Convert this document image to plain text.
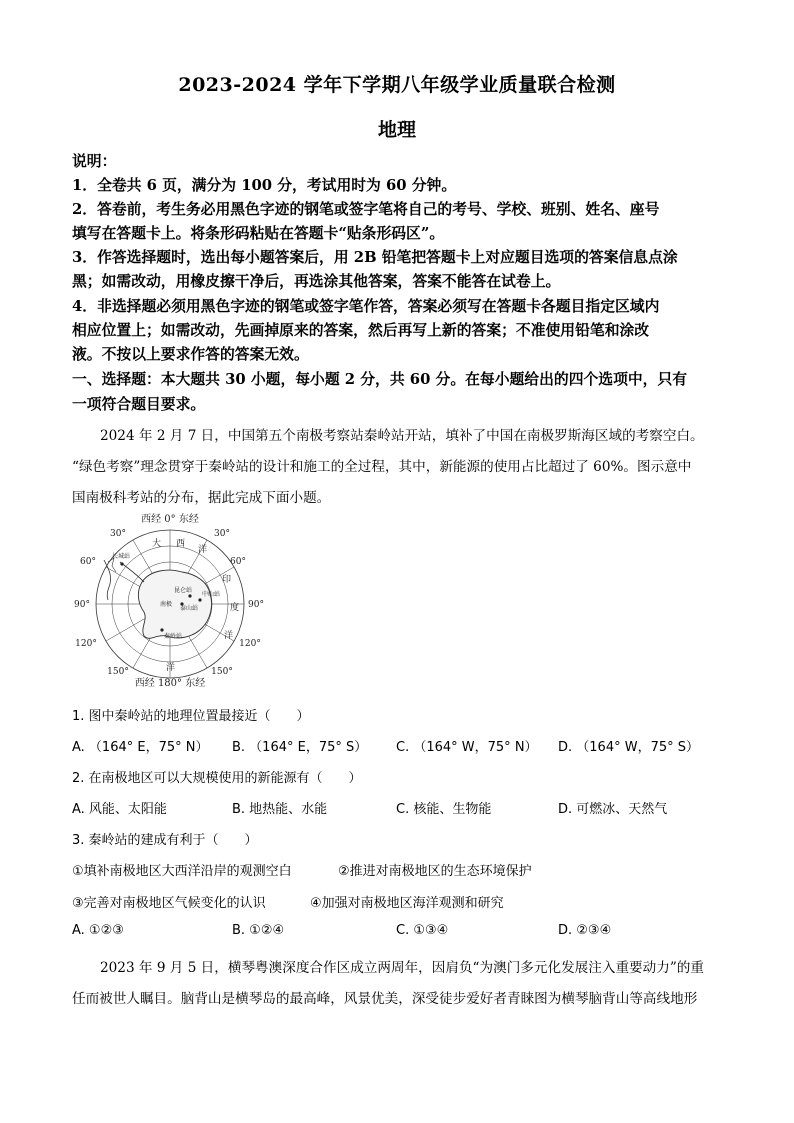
2023-2024 学年下学期八年级学业质量联合检测
地理
说明：
1．全卷共 6 页，满分为 100 分，考试用时为 60 分钟。
2．答卷前，考生务必用黑色字迹的钢笔或签字笔将自己的考号、学校、班别、姓名、座号
填写在答题卡上。将条形码粘贴在答题卡“贴条形码区”。
3．作答选择题时，选出每小题答案后，用 2B 铅笔把答题卡上对应题目选项的答案信息点涂
黑；如需改动，用橡皮擦干净后，再选涂其他答案，答案不能答在试卷上。
4．非选择题必须用黑色字迹的钢笔或签字笔作答，答案必须写在答题卡各题目指定区域内
相应位置上；如需改动，先画掉原来的答案，然后再写上新的答案；不准使用铅笔和涂改
液。不按以上要求作答的答案无效。
一、选择题：本大题共 30 小题，每小题 2 分，共 60 分。在每小题给出的四个选项中，只有
一项符合题目要求。
2024 年 2 月 7 日，中国第五个南极考察站秦岭站开站，填补了中国在南极罗斯海区域的考察空白。
“绿色考察”理念贯穿于秦岭站的设计和施工的全过程，其中，新能源的使用占比超过了 60%。图示意中
国南极科考站的分布，据此完成下面小题。
西经 0° 东经
西经 180° 东经
30°
60°
90°
120°
150°
30°
60°
90°
120°
150°
大 西
洋
印
度
洋
洋
长城站
中山站
泰山站
昆仑站
秦岭站
南极
1. 图中秦岭站的地理位置最接近（　　）
A. （164° E，75° N） B. （164° E，75° S） C. （164° W，75° N） D. （164° W，75° S）
2. 在南极地区可以大规模使用的新能源有（　　）
A. 风能、太阳能	B. 地热能、水能	C. 核能、生物能	D. 可燃冰、天然气
3. 秦岭站的建成有利于（　　）
①填补南极地区大西洋沿岸的观测空白	②推进对南极地区的生态环境保护
③完善对南极地区气候变化的认识	④加强对南极地区海洋观测和研究
A. ①②③	B. ①②④	C. ①③④	D. ②③④
2023 年 9 月 5 日，横琴粤澳深度合作区成立两周年，因肩负“为澳门多元化发展注入重要动力”的重
任而被世人瞩目。脑背山是横琴岛的最高峰，风景优美，深受徒步爱好者青睐图为横琴脑背山等高线地形
